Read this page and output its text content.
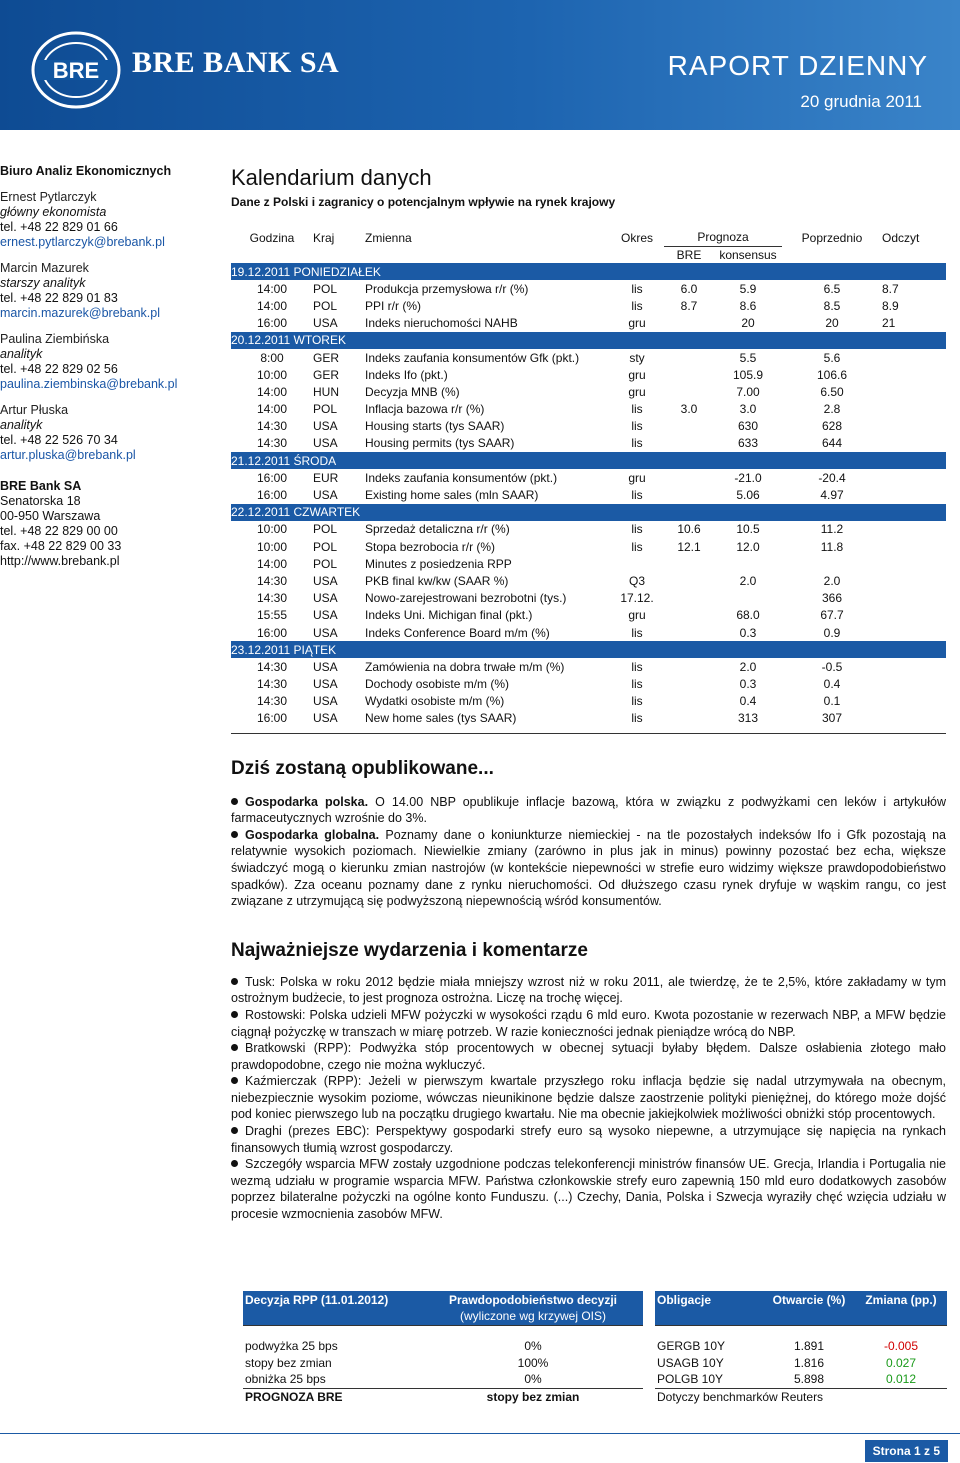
BRE BRE BANK SA	RAPORT DZIENNY
20 grudnia 2011
Biuro Analiz Ekonomicznych
Ernest Pytlarczyk
główny ekonomista
tel. +48 22 829 01 66
ernest.pytlarczyk@brebank.pl
Marcin Mazurek
starszy analityk
tel. +48 22 829 01 83
marcin.mazurek@brebank.pl
Paulina Ziembińska
analityk
tel. +48 22 829 02 56
paulina.ziembinska@brebank.pl
Artur Płuska
analityk
tel. +48 22 526 70 34
artur.pluska@brebank.pl
BRE Bank SA
Senatorska 18
00-950 Warszawa
tel. +48 22 829 00 00
fax. +48 22 829 00 33
http://www.brebank.pl
Kalendarium danych
Dane z Polski i zagranicy o potencjalnym wpływie na rynek krajowy
Godzina	Kraj	Zmienna	Okres	Prognoza		Poprzednio	Odczyt
				BRE	konsensus		
19.12.2011 PONIEDZIAŁEK							
14:00	POL	Produkcja przemysłowa r/r (%)	lis	6.0	5.9	6.5	8.7
14:00	POL	PPI r/r (%)	lis	8.7	8.6	8.5	8.9
16:00	USA	Indeks nieruchomości NAHB	gru		20	20	21
20.12.2011 WTOREK							
8:00	GER	Indeks zaufania konsumentów Gfk (pkt.)	sty		5.5	5.6	
10:00	GER	Indeks Ifo (pkt.)	gru		105.9	106.6	
14:00	HUN	Decyzja MNB (%)	gru		7.00	6.50	
14:00	POL	Inflacja bazowa r/r (%)	lis	3.0	3.0	2.8	
14:30	USA	Housing starts (tys SAAR)	lis		630	628	
14:30	USA	Housing permits (tys SAAR)	lis		633	644	
21.12.2011 ŚRODA							
16:00	EUR	Indeks zaufania konsumentów (pkt.)	gru		-21.0	-20.4	
16:00	USA	Existing home sales (mln SAAR)	lis		5.06	4.97	
22.12.2011 CZWARTEK							
10:00	POL	Sprzedaż detaliczna r/r (%)	lis	10.6	10.5	11.2	
10:00	POL	Stopa bezrobocia r/r (%)	lis	12.1	12.0	11.8	
14:00	POL	Minutes z posiedzenia RPP					
14:30	USA	PKB final kw/kw (SAAR %)	Q3		2.0	2.0	
14:30	USA	Nowo-zarejestrowani bezrobotni (tys.)	17.12.			366	
15:55	USA	Indeks Uni. Michigan final (pkt.)	gru		68.0	67.7	
16:00	USA	Indeks Conference Board m/m (%)	lis		0.3	0.9	
23.12.2011 PIĄTEK							
14:30	USA	Zamówienia na dobra trwałe m/m (%)	lis		2.0	-0.5	
14:30	USA	Dochody osobiste m/m (%)	lis		0.3	0.4	
14:30	USA	Wydatki osobiste m/m (%)	lis		0.4	0.1	
16:00	USA	New home sales (tys SAAR)	lis		313	307	

Dziś zostaną opublikowane...

Gospodarka polska. O 14.00 NBP opublikuje inflacje bazową, która w związku z podwyżkami cen leków i artykułów farmaceutycznych wzrośnie do 3%.

Gospodarka globalna. Poznamy dane o koniunkturze niemieckiej - na tle pozostałych indeksów Ifo i Gfk pozostają na relatywnie wysokich poziomach. Niewielkie zmiany (zarówno in plus jak in minus) powinny pozostać bez echa, większe świadczyć mogą o kierunku zmian nastrojów (w kontekście niepewności w strefie euro widzimy większe prawdopodobieństwo spadków). Zza oceanu poznamy dane z rynku nieruchomości. Od dłuższego czasu rynek dryfuje w wąskim rangu, co jest związane z utrzymującą się podwyższoną niepewnością wśród konsumentów.

Najważniejsze wydarzenia i komentarze

Tusk: Polska w roku 2012 będzie miała mniejszy wzrost niż w roku 2011, ale twierdzę, że te 2,5%, które zakładamy w tym ostrożnym budżecie, to jest prognoza ostrożna. Liczę na trochę więcej.

Rostowski: Polska udzieli MFW pożyczki w wysokości rządu 6 mld euro. Kwota pozostanie w rezerwach NBP, a MFW będzie ciągnął pożyczkę w transzach w miarę potrzeb. W razie konieczności jednak pieniądze wrócą do NBP.

Bratkowski (RPP): Podwyżka stóp procentowych w obecnej sytuacji byłaby błędem. Dalsze osłabienia złotego mało prawdopodobne, czego nie można wykluczyć.

Kaźmierczak (RPP): Jeżeli w pierwszym kwartale przyszłego roku inflacja będzie się nadal utrzymywała na obecnym, niebezpiecznie wysokim poziome, wówczas nieunikinone będzie dalsze zaostrzenie polityki pieniężnej, do którego może dojść pod koniec pierwszego lub na początku drugiego kwartału. Nie ma obecnie jakiejkolwiek możliwości obniżki stóp procentowych.

Draghi (prezes EBC): Perspektywy gospodarki strefy euro są wysoko niepewne, a utrzymujące się napięcia na rynkach finansowych tłumią wzrost gospodarczy.

Szczegóły wsparcia MFW zostały uzgodnione podczas telekonferencji ministrów finansów UE. Grecja, Irlandia i Portugalia nie wezmą udziału w programie wsparcia MFW. Państwa członkowskie strefy euro zapewnią 150 mld euro dodatkowych zasobów poprzez bilateralne pożyczki na ogólne konto Funduszu. (...) Czechy, Dania, Polska i Szwecja wyraziły chęć wzięcia udziału w procesie wzmocnienia zasobów MFW.

Decyzja RPP (11.01.2012)	Prawdopodobieństwo decyzji
	(wyliczone wg krzywej OIS)

podwyżka 25 bps	0%
stopy bez zmian	100%
obniżka 25 bps	0%
PROGNOZA BRE	stopy bez zmian
Obligacje	Otwarcie (%)	Zmiana (pp.)

GERGB 10Y	1.891	-0.005
USAGB 10Y	1.816	0.027
POLGB 10Y	5.898	0.012
Dotyczy benchmarków Reuters		
Strona 1 z 5
